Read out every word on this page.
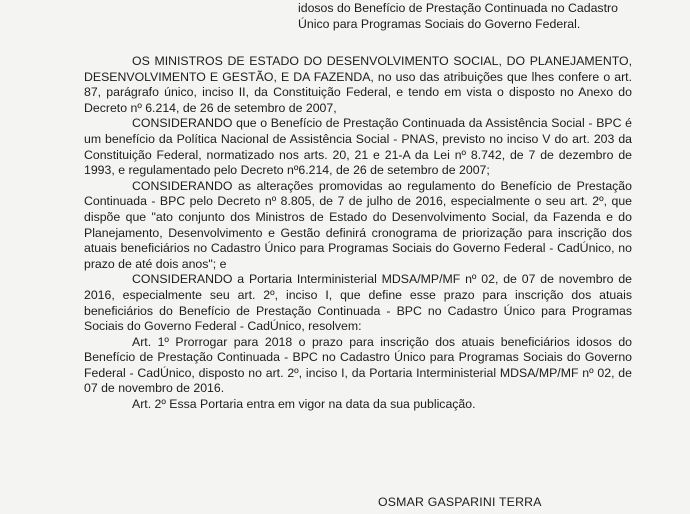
idosos do Benefício de Prestação Continuada no Cadastro
Único para Programas Sociais do Governo Federal.

OS MINISTROS DE ESTADO DO DESENVOLVIMENTO SOCIAL, DO PLANEJAMENTO, DESENVOLVIMENTO E GESTÃO, E DA FAZENDA, no uso das atribuições que lhes confere o art. 87, parágrafo único, inciso II, da Constituição Federal, e tendo em vista o disposto no Anexo do Decreto nº 6.214, de 26 de setembro de 2007,

CONSIDERANDO que o Benefício de Prestação Continuada da Assistência Social - BPC é um benefício da Política Nacional de Assistência Social - PNAS, previsto no inciso V do art. 203 da Constituição Federal, normatizado nos arts. 20, 21 e 21-A da Lei nº 8.742, de 7 de dezembro de 1993, e regulamentado pelo Decreto nº6.214, de 26 de setembro de 2007;

CONSIDERANDO as alterações promovidas ao regulamento do Benefício de Prestação Continuada - BPC pelo Decreto nº 8.805, de 7 de julho de 2016, especialmente o seu art. 2º, que dispõe que "ato conjunto dos Ministros de Estado do Desenvolvimento Social, da Fazenda e do Planejamento, Desenvolvimento e Gestão definirá cronograma de priorização para inscrição dos atuais beneficiários no Cadastro Único para Programas Sociais do Governo Federal - CadÚnico, no prazo de até dois anos"; e

CONSIDERANDO a Portaria Interministerial MDSA/MP/MF nº 02, de 07 de novembro de 2016, especialmente seu art. 2º, inciso I, que define esse prazo para inscrição dos atuais beneficiários do Benefício de Prestação Continuada - BPC no Cadastro Único para Programas Sociais do Governo Federal - CadÚnico, resolvem:

Art. 1º Prorrogar para 2018 o prazo para inscrição dos atuais beneficiários idosos do Benefício de Prestação Continuada - BPC no Cadastro Único para Programas Sociais do Governo Federal - CadÚnico, disposto no art. 2º, inciso I, da Portaria Interministerial MDSA/MP/MF nº 02, de 07 de novembro de 2016.

Art. 2º Essa Portaria entra em vigor na data da sua publicação.

OSMAR GASPARINI TERRA
